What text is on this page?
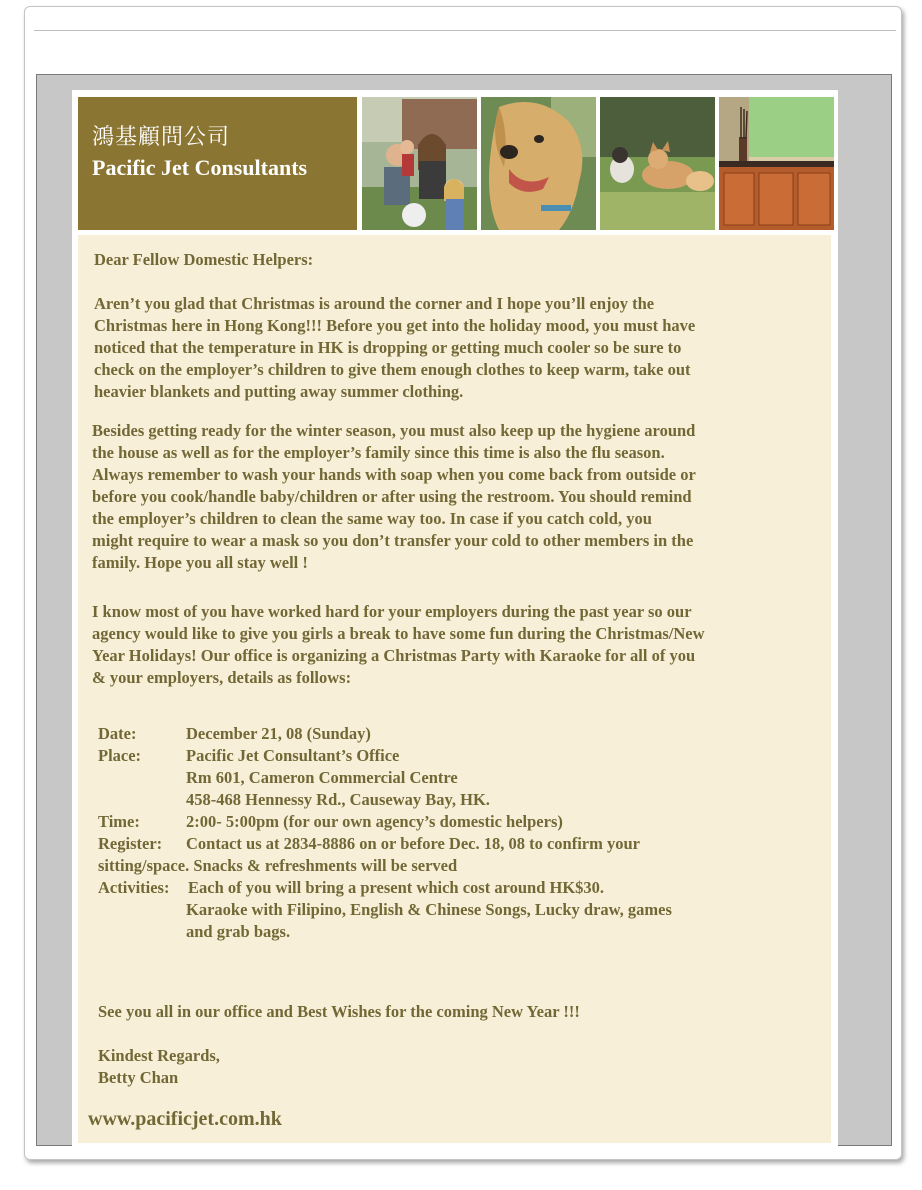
鴻基顧問公司
Pacific Jet Consultants
Dear Fellow Domestic Helpers:
Aren’t you glad that Christmas is around the corner and I hope you’ll enjoy the
Christmas here in Hong Kong!!! Before you get into the holiday mood, you must have
noticed that the temperature in HK is dropping or getting much cooler so be sure to
check on the employer’s children to give them enough clothes to keep warm, take out
heavier blankets and putting away summer clothing.
Besides getting ready for the winter season, you must also keep up the hygiene around
the house as well as for the employer’s family since this time is also the flu season.
Always remember to wash your hands with soap when you come back from outside or
before you cook/handle baby/children or after using the restroom. You should remind
the employer’s children to clean the same way too. In case if you catch cold, you
might require to wear a mask so you don’t transfer your cold to other members in the
family. Hope you all stay well !
I know most of you have worked hard for your employers during the past year so our
agency would like to give you girls a break to have some fun during the Christmas/New
Year Holidays! Our office is organizing a Christmas Party with Karaoke for all of you
& your employers, details as follows:
Date:	December 21, 08 (Sunday)
Place:	Pacific Jet Consultant’s Office
Rm 601, Cameron Commercial Centre
458-468 Hennessy Rd., Causeway Bay, HK.
Time:	2:00- 5:00pm (for our own agency’s domestic helpers)
Register: Contact us at 2834-8886 on or before Dec. 18, 08 to confirm your
sitting/space. Snacks & refreshments will be served
Activities: Each of you will bring a present which cost around HK$30.
Karaoke with Filipino, English & Chinese Songs, Lucky draw, games
and grab bags.
See you all in our office and Best Wishes for the coming New Year !!!
Kindest Regards,
Betty Chan
www.pacificjet.com.hk
